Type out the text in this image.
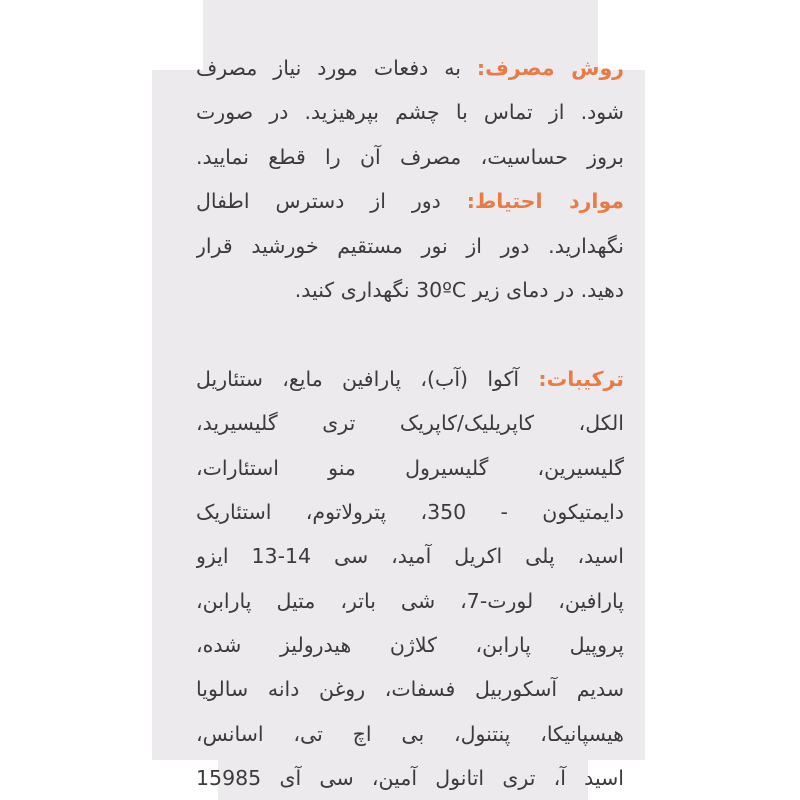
روش مصرف: به دفعات مورد نیاز مصرف
شود. از تماس با چشم بپرهیزید. در صورت
بروز حساسیت، مصرف آن را قطع نمایید.
موارد احتیاط: دور از دسترس اطفال
نگهدارید. دور از نور مستقیم خورشید قرار
دهید. در دمای زیر 30ºC نگهداری کنید.
ترکیبات: آکوا (آب)، پارافین مایع، ستئاریل
الکل، کاپریلیک/کاپریک تری گلیسیرید،
گلیسیرین، گلیسیرول منو استئارات،
دایمتیکون - 350، پترولاتوم، استئاریک
اسید، پلی اکریل آمید، سی 14-13 ایزو
پارافین، لورت-7، شی باتر، متیل پارابن،
پروپیل پارابن، کلاژن هیدرولیز شده،
سدیم آسکوربیل فسفات، روغن دانه سالویا
هیسپانیکا، پنتنول، بی اچ تی، اسانس،
اسید آ، تری اتانول آمین، سی آی 15985
